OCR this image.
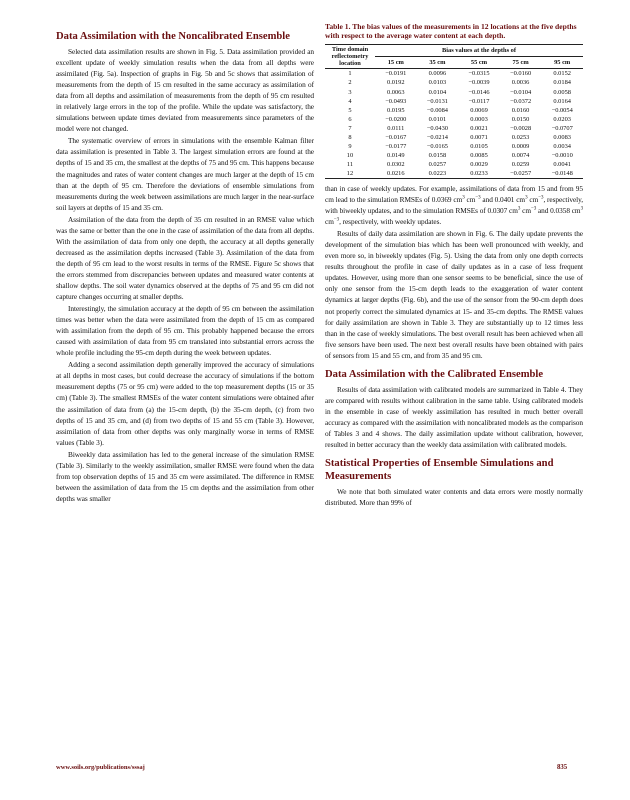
Data Assimilation with the Noncalibrated Ensemble

Selected data assimilation results are shown in Fig. 5. Data assimilation provided an excellent update of weekly simulation results when the data from all depths were assimilated (Fig. 5a). Inspection of graphs in Fig. 5b and 5c shows that assimilation of measurements from the depth of 15 cm resulted in the same accuracy as assimilation of data from all depths and assimilation of measurements from the depth of 95 cm resulted in relatively large errors in the top of the profile. While the update was satisfactory, the simulations between update times deviated from measurements since parameters of the model were not changed.

The systematic overview of errors in simulations with the ensemble Kalman filter data assimilation is presented in Table 3. The largest simulation errors are found at the depths of 15 and 35 cm, the smallest at the depths of 75 and 95 cm. This happens because the magnitudes and rates of water content changes are much larger at the depth of 15 cm than at the depth of 95 cm. Therefore the deviations of ensemble simulations from measurements during the week between assimilations are much larger in the near-surface soil layers at depths of 15 and 35 cm.

Assimilation of the data from the depth of 35 cm resulted in an RMSE value which was the same or better than the one in the case of assimilation of the data from all depths. With the assimilation of data from only one depth, the accuracy at all depths generally decreased as the assimilation depths increased (Table 3). Assimilation of the data from the depth of 95 cm lead to the worst results in terms of the RMSE. Figure 5c shows that the errors stemmed from discrepancies between updates and measured water contents at shallow depths. The soil water dynamics observed at the depths of 75 and 95 cm did not capture changes occurring at smaller depths.

Interestingly, the simulation accuracy at the depth of 95 cm between the assimilation times was better when the data were assimilated from the depth of 15 cm as compared with assimilation from the depth of 95 cm. This probably happened because the errors caused with assimilation of data from 95 cm translated into substantial errors across the whole profile including the 95-cm depth during the week between updates.

Adding a second assimilation depth generally improved the accuracy of simulations at all depths in most cases, but could decrease the accuracy of simulations if the bottom measurement depths (75 or 95 cm) were added to the top measurement depths (15 or 35 cm) (Table 3). The smallest RMSEs of the water content simulations were obtained after the assimilation of data from (a) the 15-cm depth, (b) the 35-cm depth, (c) from two depths of 15 and 35 cm, and (d) from two depths of 15 and 55 cm (Table 3). However, assimilation of data from other depths was only marginally worse in terms of RMSE values (Table 3).

Biweekly data assimilation has led to the general increase of the simulation RMSE (Table 3). Similarly to the weekly assimilation, smaller RMSE were found when the data from top observation depths of 15 and 35 cm were assimilated. The difference in RMSE between the assimilation of data from the 15 cm depths and the assimilation from other depths was smaller

Table 1. The bias values of the measurements in 12 locations at the five depths with respect to the average water content at each depth.
Time domain reflectometry location	Bias values at the depths of				
	15 cm	35 cm	55 cm	75 cm	95 cm
1	−0.0191	0.0096	−0.0315	−0.0160	0.0152
2	0.0192	0.0103	−0.0039	0.0036	0.0184
3	0.0063	0.0104	−0.0146	−0.0104	0.0058
4	−0.0493	−0.0131	−0.0117	−0.0372	0.0164
5	0.0195	−0.0084	0.0069	0.0160	−0.0054
6	−0.0200	0.0101	0.0003	0.0150	0.0203
7	0.0111	−0.0430	0.0021	−0.0028	−0.0707
8	−0.0167	−0.0214	0.0071	0.0253	0.0083
9	−0.0177	−0.0165	0.0105	0.0009	0.0034
10	0.0149	0.0158	0.0085	0.0074	−0.0010
11	0.0302	0.0257	0.0029	0.0259	0.0041
12	0.0216	0.0223	0.0233	−0.0257	−0.0148

than in case of weekly updates. For example, assimilations of data from 15 and from 95 cm lead to the simulation RMSEs of 0.0369 $cm^3$ $cm^{-3}$ and 0.0401 $cm^3$ $cm^{-3}$, respectively, with biweekly updates, and to the simulation RMSEs of 0.0307 $cm^3$ $cm^{-3}$ and 0.0358 $cm^3$ $cm^{-3}$, respectively, with weekly updates.

Results of daily data assimilation are shown in Fig. 6. The daily update prevents the development of the simulation bias which has been well pronounced with weekly, and even more so, in biweekly updates (Fig. 5). Using the data from only one depth corrects results throughout the profile in case of daily updates as in a case of less frequent updates. However, using more than one sensor seems to be beneficial, since the use of only one sensor from the 15-cm depth leads to the exaggeration of water content dynamics at larger depths (Fig. 6b), and the use of the sensor from the 90-cm depth does not properly correct the simulated dynamics at 15- and 35-cm depths. The RMSE values for daily assimilation are shown in Table 3. They are substantially up to 12 times less than in the case of weekly simulations. The best overall result has been achieved when all five sensors have been used. The next best overall results have been obtained with pairs of sensors from 15 and 55 cm, and from 35 and 95 cm.

Data Assimilation with the Calibrated Ensemble

Results of data assimilation with calibrated models are summarized in Table 4. They are compared with results without calibration in the same table. Using calibrated models in the ensemble in case of weekly assimilation has resulted in much better overall accuracy as compared with the assimilation with noncalibrated models as the comparison of Tables 3 and 4 shows. The daily assimilation update without calibration, however, resulted in better accuracy than the weekly data assimilation with calibrated models.

Statistical Properties of Ensemble Simulations and Measurements

We note that both simulated water contents and data errors were mostly normally distributed. More than 99% of

www.soils.org/publications/sssaj	835
